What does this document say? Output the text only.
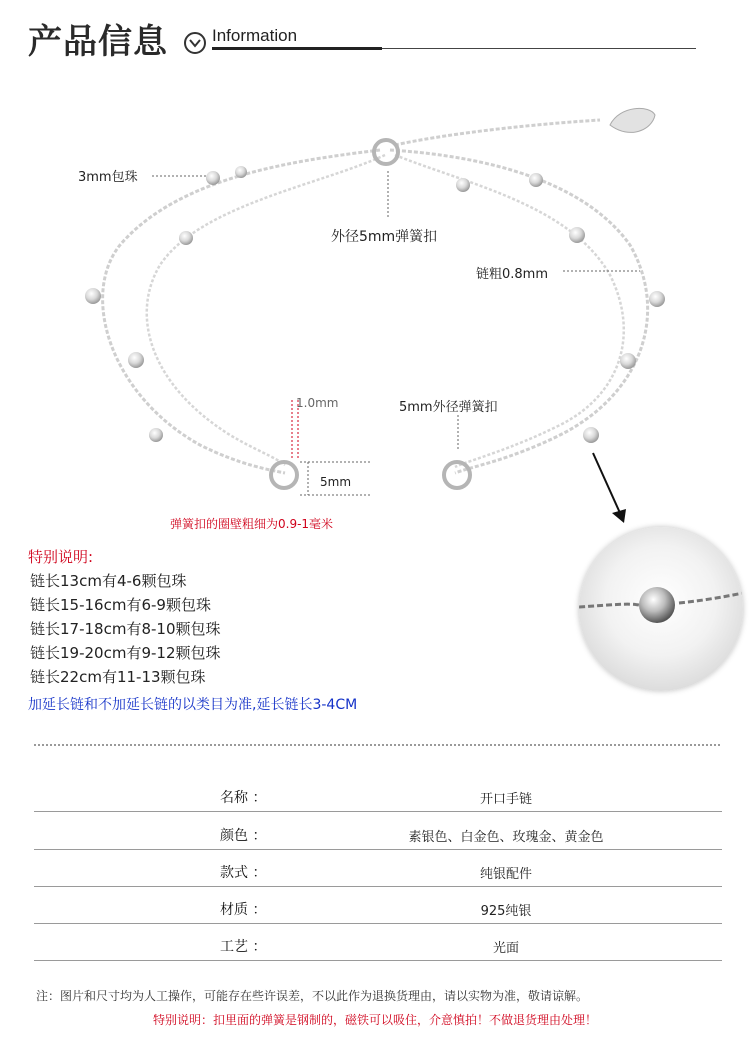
产品信息	Information
3mm包珠
外径5mm弹簧扣
链粗0.8mm
1.0mm
5mm
5mm外径弹簧扣
弹簧扣的圈壁粗细为0.9-1毫米
特别说明:
链长13cm有4-6颗包珠
链长15-16cm有6-9颗包珠
链长17-18cm有8-10颗包珠
链长19-20cm有9-12颗包珠
链长22cm有11-13颗包珠
加延长链和不加延长链的以类目为准,延长链长3-4CM
名称 ：	开口手链
颜色 ：	素银色、白金色、玫瑰金、黄金色
款式 ：	纯银配件
材质 ：	925纯银
工艺 ：	光面
注：图片和尺寸均为人工操作，可能存在些许误差，不以此作为退换货理由，请以实物为准，敬请谅解。
特别说明：扣里面的弹簧是钢制的，磁铁可以吸住，介意慎拍！不做退货理由处理！
